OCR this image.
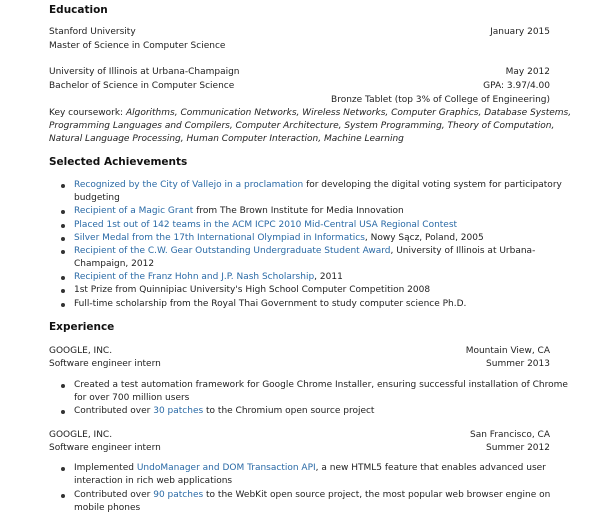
Education
Stanford University	January 2015
Master of Science in Computer Science
University of Illinois at Urbana-Champaign	May 2012
Bachelor of Science in Computer Science	GPA: 3.97/4.00
Bronze Tablet (top 3% of College of Engineering)
Key coursework: Algorithms, Communication Networks, Wireless Networks, Computer Graphics, Database Systems,
Programming Languages and Compilers, Computer Architecture, System Programming, Theory of Computation,
Natural Language Processing, Human Computer Interaction, Machine Learning
Selected Achievements
Recognized by the City of Vallejo in a proclamation for developing the digital voting system for participatory
budgeting
Recipient of a Magic Grant from The Brown Institute for Media Innovation
Placed 1st out of 142 teams in the ACM ICPC 2010 Mid-Central USA Regional Contest
Silver Medal from the 17th International Olympiad in Informatics, Nowy Sącz, Poland, 2005
Recipient of the C.W. Gear Outstanding Undergraduate Student Award, University of Illinois at Urbana-
Champaign, 2012
Recipient of the Franz Hohn and J.P. Nash Scholarship, 2011
1st Prize from Quinnipiac University's High School Computer Competition 2008
Full-time scholarship from the Royal Thai Government to study computer science Ph.D.
Experience
GOOGLE, INC.	Mountain View, CA
Software engineer intern	Summer 2013
Created a test automation framework for Google Chrome Installer, ensuring successful installation of Chrome
for over 700 million users
Contributed over 30 patches to the Chromium open source project
GOOGLE, INC.	San Francisco, CA
Software engineer intern	Summer 2012
Implemented UndoManager and DOM Transaction API, a new HTML5 feature that enables advanced user
interaction in rich web applications
Contributed over 90 patches to the WebKit open source project, the most popular web browser engine on
mobile phones
